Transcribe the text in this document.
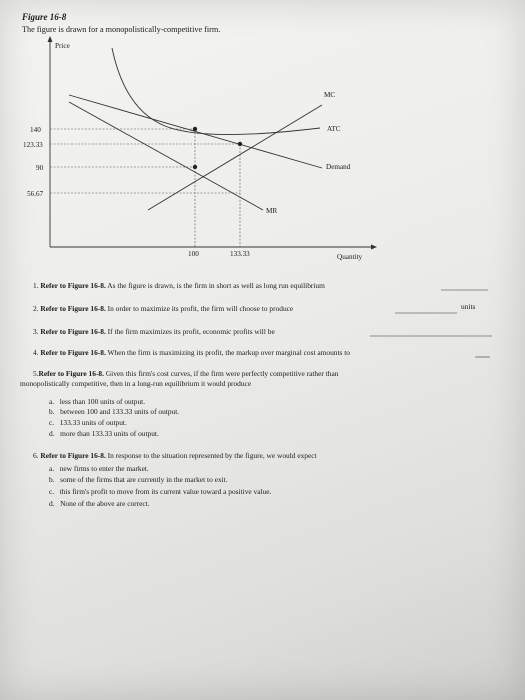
Figure 16-8
The figure is drawn for a monopolistically-competitive firm.
Price
Quantity
140
123.33
90
56.67
100	133.33
MC
ATC
Demand
MR
1. Refer to Figure 16-8. As the figure is drawn, is the firm in short as well as long run equilibrium
2. Refer to Figure 16-8. In order to maximize its profit, the firm will choose to produce	units
3. Refer to Figure 16-8. If the firm maximizes its profit, economic profits will be
4. Refer to Figure 16-8. When the firm is maximizing its profit, the markup over marginal cost amounts to
5.Refer to Figure 16-8. Given this firm's cost curves, if the firm were perfectly competitive rather than
monopolistically competitive, then in a long-run equilibrium it would produce
a. less than 100 units of output.
b. between 100 and 133.33 units of output.
c. 133.33 units of output.
d. more than 133.33 units of output.
6. Refer to Figure 16-8. In response to the situation represented by the figure, we would expect
a. new firms to enter the market.
b. some of the firms that are currently in the market to exit.
c. this firm's profit to move from its current value toward a positive value.
d. None of the above are correct.
